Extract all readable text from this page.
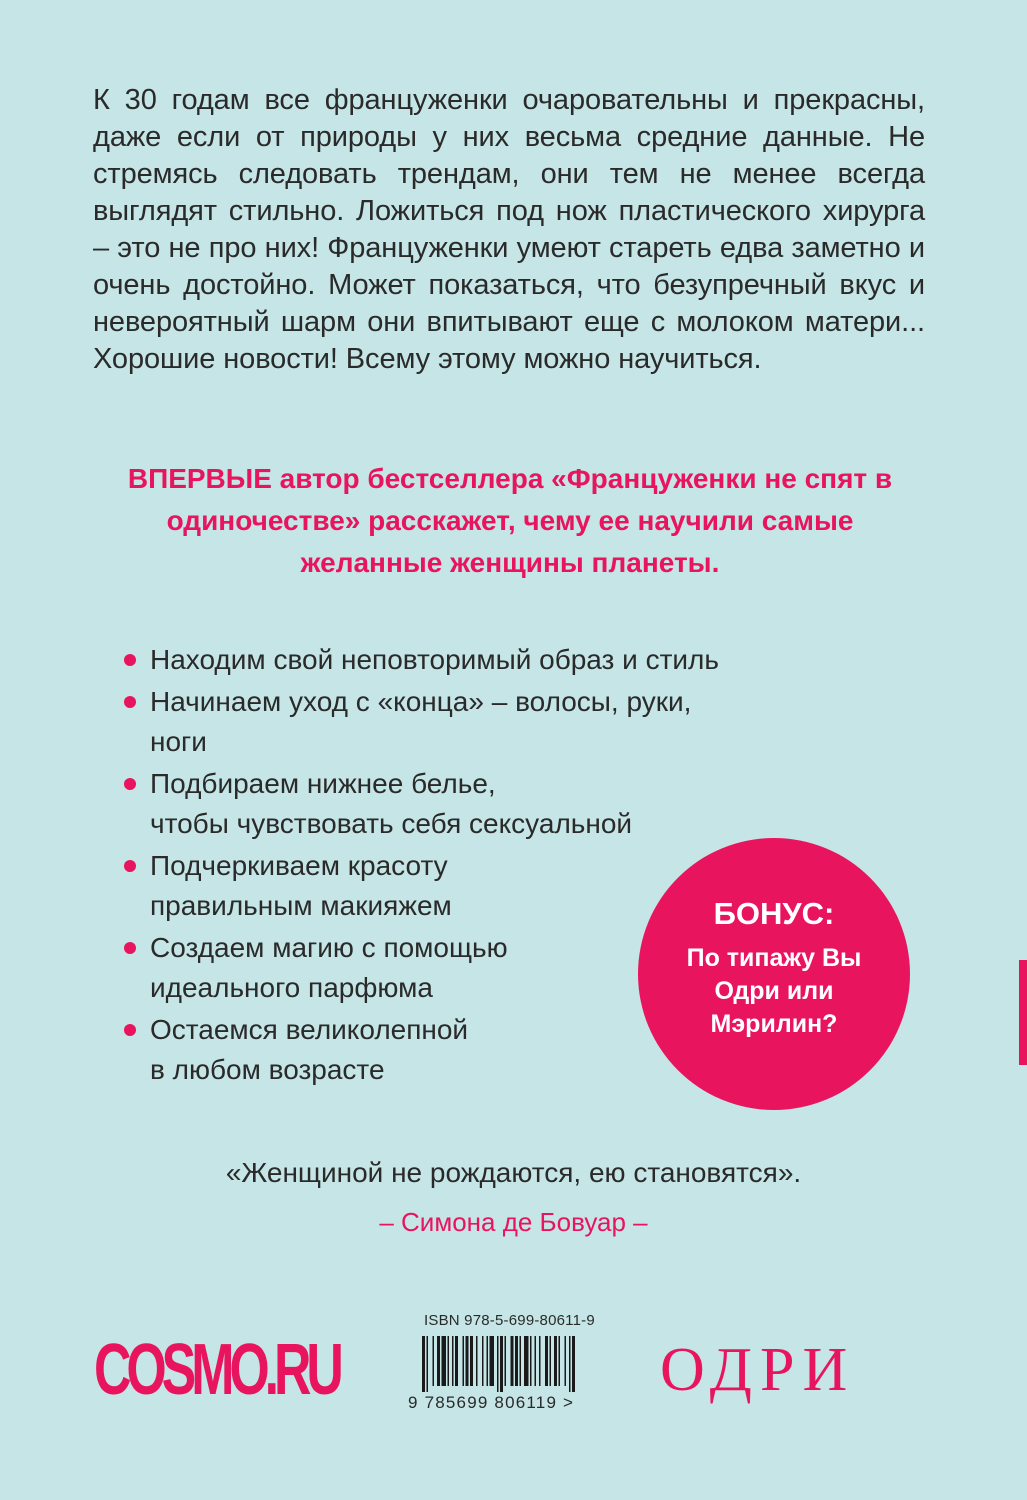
К 30 годам все француженки очаровательны и прекрасны, даже если от природы у них весьма средние данные. Не стремясь следовать трендам, они тем не менее всегда выглядят стильно. Ложиться под нож пластического хирурга – это не про них! Француженки умеют стареть едва заметно и очень достойно. Может показаться, что безупречный вкус и невероятный шарм они впитывают еще с молоком матери... Хорошие новости! Всему этому можно научиться.

ВПЕРВЫЕ автор бестселлера «Француженки не спят в одиночестве» расскажет, чему ее научили самые желанные женщины планеты.

Находим свой неповторимый образ и стиль
Начинаем уход с «конца» – волосы, руки, ноги
Подбираем нижнее белье,
чтобы чувствовать себя сексуальной
Подчеркиваем красоту
правильным макияжем
Создаем магию с помощью
идеального парфюма
Остаемся великолепной
в любом возрасте
БОНУС:
По типажу Вы
Одри или
Мэрилин?

«Женщиной не рождаются, ею становятся».

– Симона де Бовуар –

COSMO.RU
ISBN 978-5-699-80611-9
9 785699 806119 > ОДРИ
